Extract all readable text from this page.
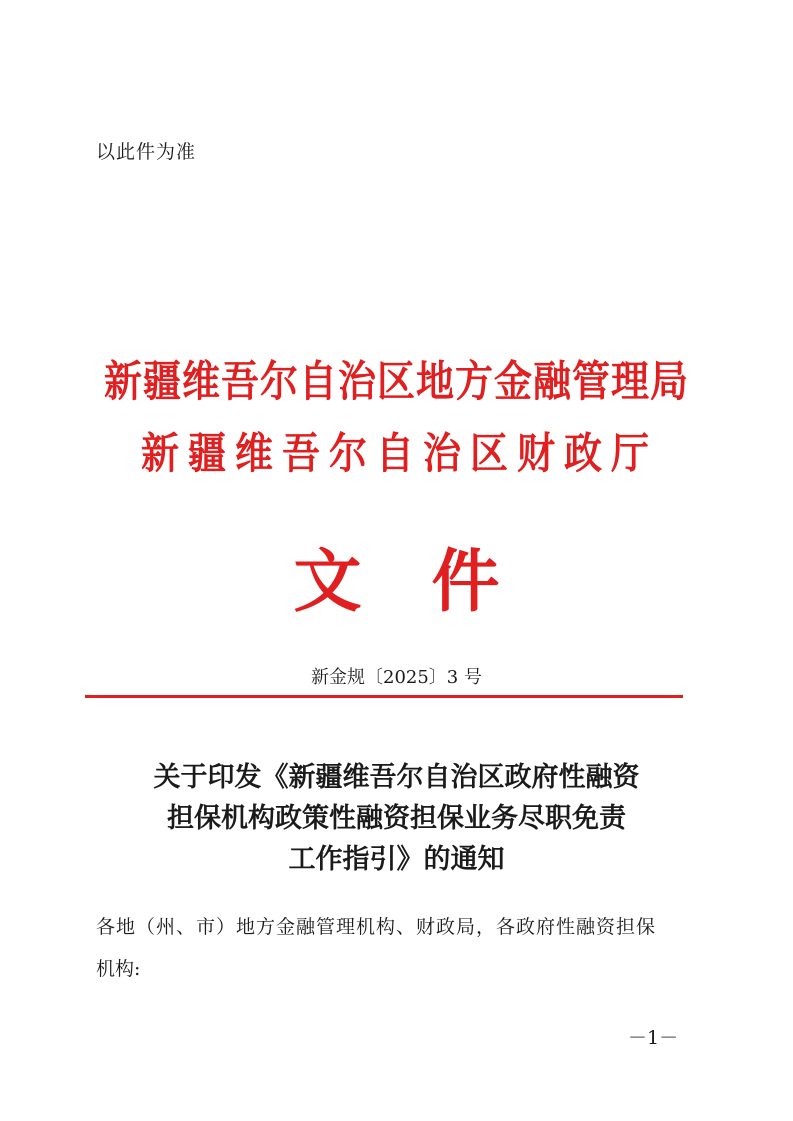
以此件为准
新疆维吾尔自治区地方金融管理局
新疆维吾尔自治区财政厅
文件
新金规〔2025〕3 号
关于印发《新疆维吾尔自治区政府性融资
担保机构政策性融资担保业务尽职免责
工作指引》的通知
各地（州、市）地方金融管理机构、财政局，各政府性融资担保
机构:
－1－
